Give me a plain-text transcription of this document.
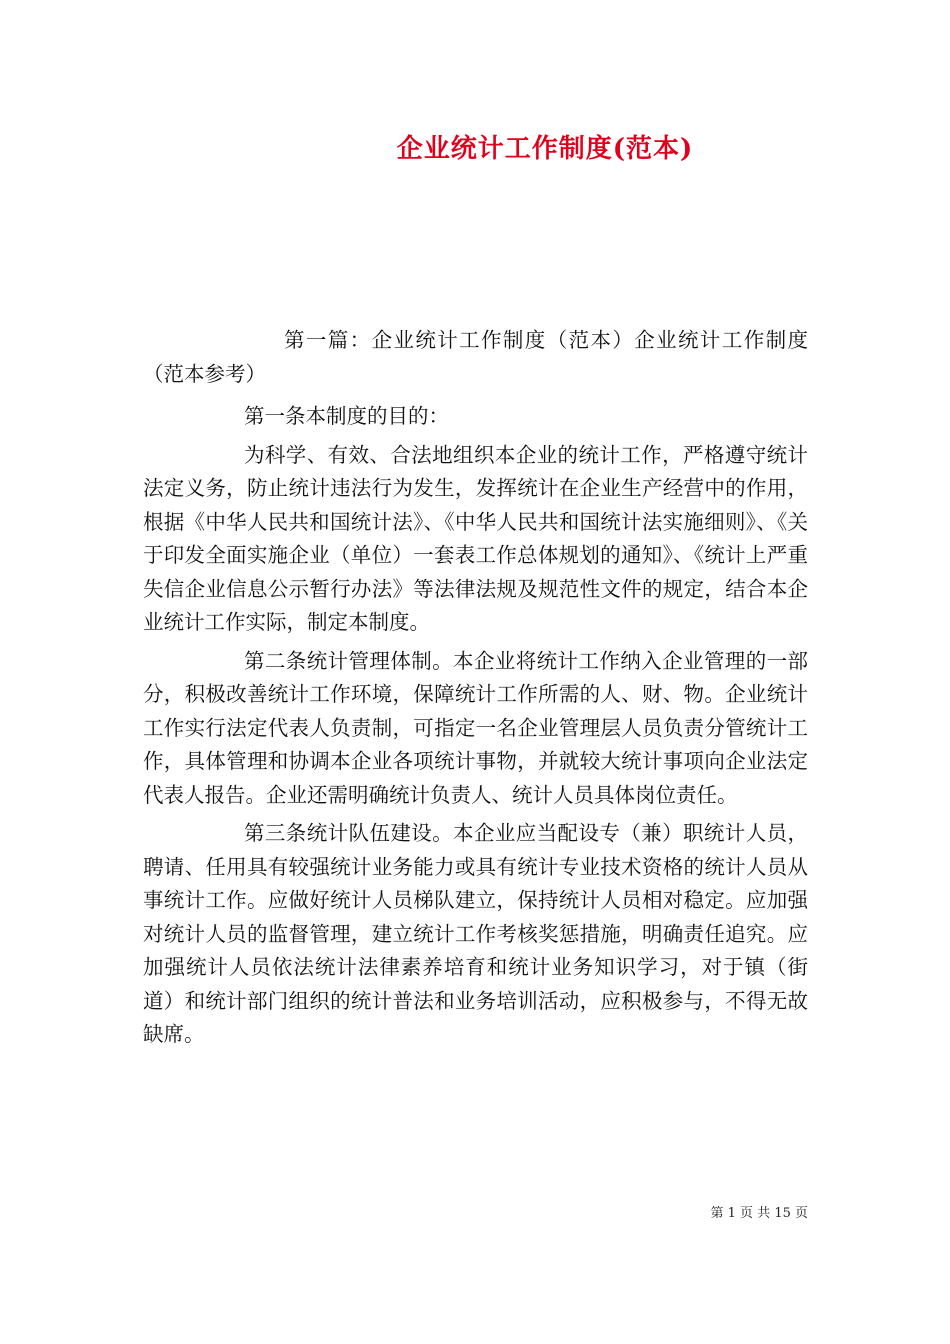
企业统计工作制度(范本)

第一篇：企业统计工作制度（范本）企业统计工作制度（范本参考）

第一条本制度的目的：

为科学、有效、合法地组织本企业的统计工作，严格遵守统计法定义务，防止统计违法行为发生，发挥统计在企业生产经营中的作用，根据《中华人民共和国统计法》、《中华人民共和国统计法实施细则》、《关于印发全面实施企业（单位）一套表工作总体规划的通知》、《统计上严重失信企业信息公示暂行办法》等法律法规及规范性文件的规定，结合本企业统计工作实际，制定本制度。

第二条统计管理体制。本企业将统计工作纳入企业管理的一部分，积极改善统计工作环境，保障统计工作所需的人、财、物。企业统计工作实行法定代表人负责制，可指定一名企业管理层人员负责分管统计工作，具体管理和协调本企业各项统计事物，并就较大统计事项向企业法定代表人报告。企业还需明确统计负责人、统计人员具体岗位责任。

第三条统计队伍建设。本企业应当配设专（兼）职统计人员，聘请、任用具有较强统计业务能力或具有统计专业技术资格的统计人员从事统计工作。应做好统计人员梯队建立，保持统计人员相对稳定。应加强对统计人员的监督管理，建立统计工作考核奖惩措施，明确责任追究。应加强统计人员依法统计法律素养培育和统计业务知识学习，对于镇（街道）和统计部门组织的统计普法和业务培训活动，应积极参与，不得无故缺席。

第 1 页 共 15 页
